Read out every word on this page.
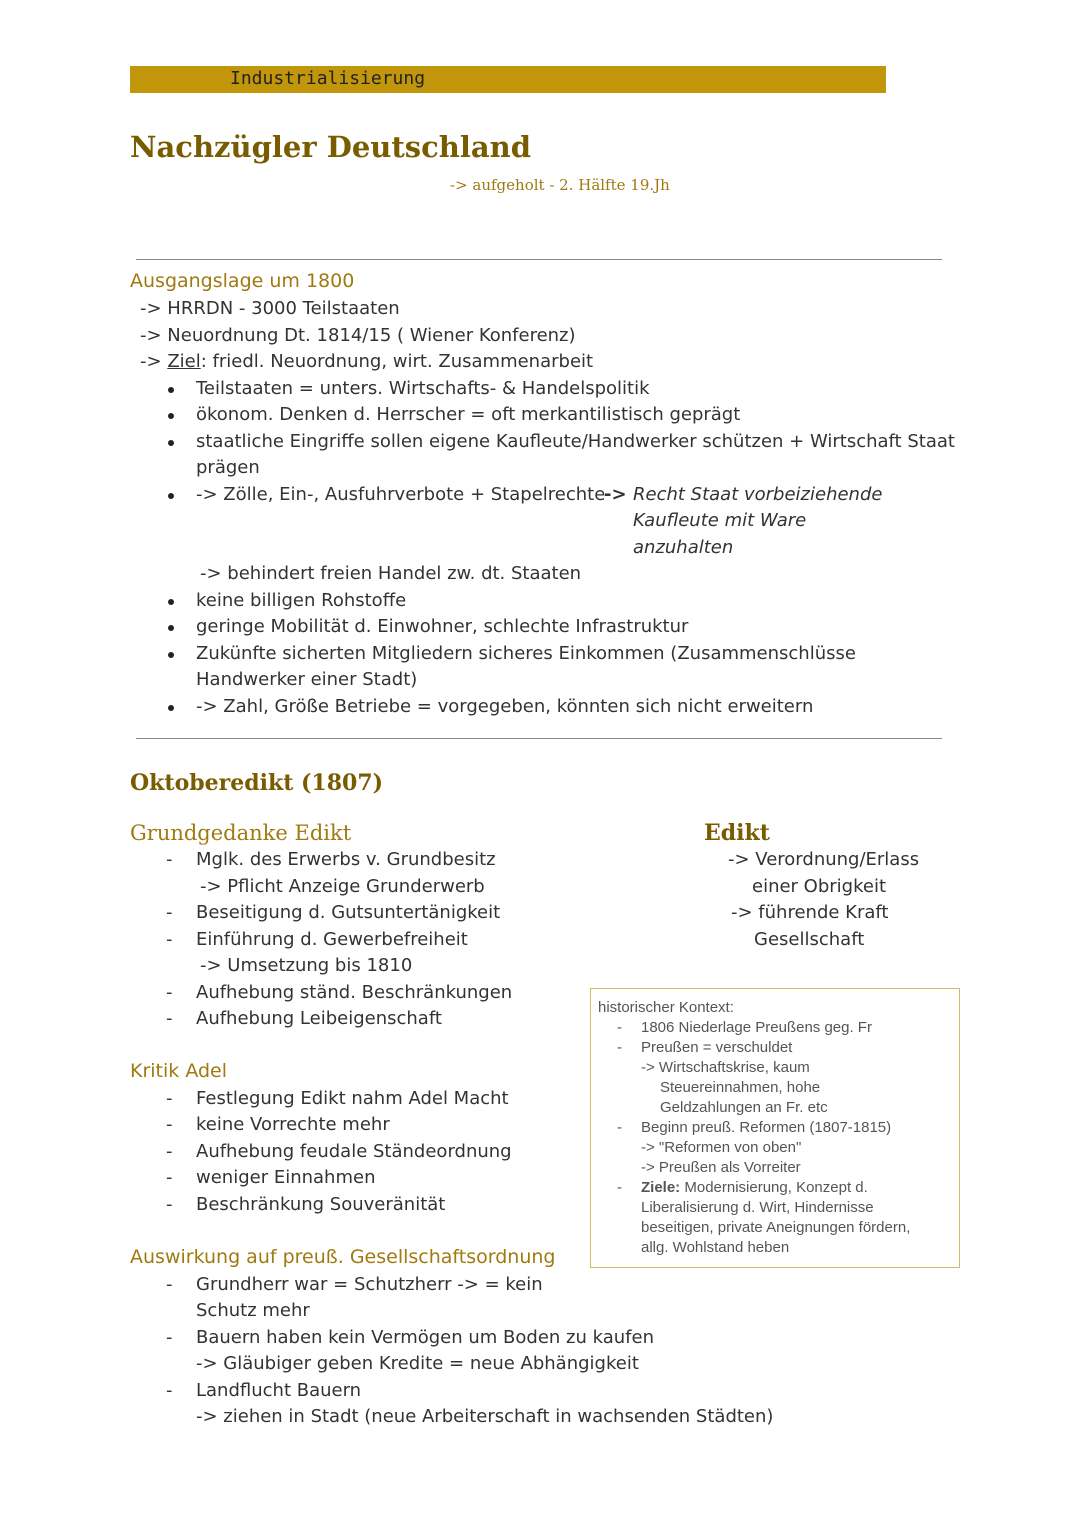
Industrialisierung
Nachzügler Deutschland
-> aufgeholt - 2. Hälfte 19.Jh
Ausgangslage um 1800
-> HRRDN - 3000 Teilstaaten
-> Neuordnung Dt. 1814/15 ( Wiener Konferenz)
-> Ziel: friedl. Neuordnung, wirt. Zusammenarbeit
Teilstaaten = unters. Wirtschafts- & Handelspolitik
ökonom. Denken d. Herrscher = oft merkantilistisch geprägt
staatliche Eingriffe sollen eigene Kaufleute/Handwerker schützen + Wirtschaft Staat
prägen
-> Zölle, Ein-, Ausfuhrverbote + Stapelrechte
-> Recht Staat vorbeiziehende
Kaufleute mit Ware
anzuhalten
-> behindert freien Handel zw. dt. Staaten
keine billigen Rohstoffe
geringe Mobilität d. Einwohner, schlechte Infrastruktur
Zukünfte sicherten Mitgliedern sicheres Einkommen (Zusammenschlüsse
Handwerker einer Stadt)
-> Zahl, Größe Betriebe = vorgegeben, könnten sich nicht erweitern
Oktoberedikt (1807)
Grundgedanke Edikt
- Mglk. des Erwerbs v. Grundbesitz
-> Pflicht Anzeige Grunderwerb
- Beseitigung d. Gutsuntertänigkeit
- Einführung d. Gewerbefreiheit
-> Umsetzung bis 1810
- Aufhebung ständ. Beschränkungen
- Aufhebung Leibeigenschaft
Edikt
-> Verordnung/Erlass
einer Obrigkeit
-> führende Kraft
Gesellschaft
Kritik Adel
- Festlegung Edikt nahm Adel Macht
- keine Vorrechte mehr
- Aufhebung feudale Ständeordnung
- weniger Einnahmen
- Beschränkung Souveränität
Auswirkung auf preuß. Gesellschaftsordnung
- Grundherr war = Schutzherr -> = kein
Schutz mehr
- Bauern haben kein Vermögen um Boden zu kaufen
-> Gläubiger geben Kredite = neue Abhängigkeit
- Landflucht Bauern
-> ziehen in Stadt (neue Arbeiterschaft in wachsenden Städten)
historischer Kontext:
- 1806 Niederlage Preußens geg. Fr
- Preußen = verschuldet
-> Wirtschaftskrise, kaum
Steuereinnahmen, hohe
Geldzahlungen an Fr. etc
- Beginn preuß. Reformen (1807-1815)
-> "Reformen von oben"
-> Preußen als Vorreiter
- Ziele: Modernisierung, Konzept d.
Liberalisierung d. Wirt, Hindernisse
beseitigen, private Aneignungen fördern,
allg. Wohlstand heben
